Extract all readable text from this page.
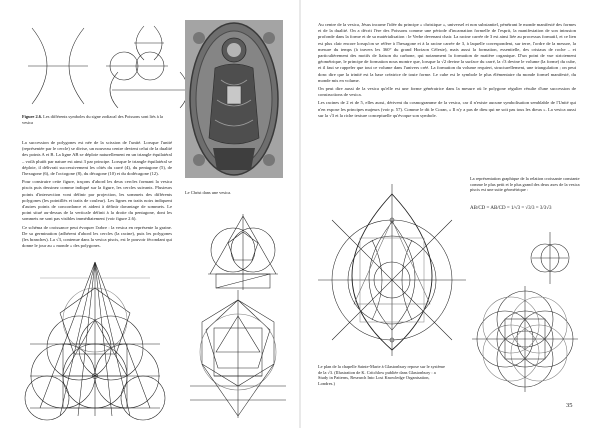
Figure 2.6. Les différents symboles du signe zodiacal des Poissons sont liés à la vesica
Le Christ dans une vesica.

La succession de polygones est née de la scission de l'unité. Lorsque l'unité (représentée par le cercle) se divise, un nouveau centre devient celui de la dualité des points A et B. La ligne AB se déploie naturellement en un triangle équilatéral – voilà plutôt par nature est ainsi 3 par principe. Lorsque le triangle équilatéral se déploie, il délivrait successivement les côtés du carré (4), du pentagone (5), de l'hexagone (6), de l'octogone (8), du décagone (10) et du dodécagone (12).

Pour construire cette figure, traçons d'abord les deux cercles formant la vesica piscis puis dessinez comme indiqué sur la figure, les cercles suivants. Plusieurs points d'intersection vont définir par projection, les sommets des différents polygones (les pointillés et traits de couleur). Les lignes en traits noirs indiquent d'autres points de concordance et aident à définir davantage de sommets. Le point situé au-dessus de la verticale définit à la droite du pentagone, dont les sommets ne sont pas visibles immédiatement (voir figure 2.6).

Ce schéma de croissance peut évoquer l'arbre : la vesica en représente la graine. De sa germination (adhérent d'abord les cercles (la racine), puis les polygones (les branches). La √3, contenue dans la vesica piscis, est le pouvoir fécondant qui donne le jour au « monde » des polygones.

Au centre de la vesica, Jésus incarne l'idée du principe « christique », universel et non substantiel, pénétrant le monde manifesté des formes et de la dualité. On a décrit l'ère des Poissons comme une période d'incarnation formelle de l'esprit, la manifestation de son intrusion profonde dans la forme et de sa matérialisation : le Verbe devenant chair. La racine carrée de 3 est ainsi liée au processus formatif, et ce lien est plus clair encore lorsqu'on se réfère à l'hexagone et à la racine carrée de 3, à laquelle correspondent, sur terre, l'ordre de la mesure, la mesure du temps (à travers les 360° du grand Horizon Céleste), mais aussi la formation, essentielle, des cristaux de roche – et particulièrement des motifs de liaison du carbone, qui notamment la formation de matière organique. D'un point de vue strictement géométrique, le principe de formation nous montre que, lorsque la √2 devine la surface du carré, la √3 devine le volume (la forme) du cube, et il faut se rappeler que tout ce volume dans l'univers créé. La formation du volume requiert, structurellement, une triangulation ; on peut donc dire que la trinité est la base créatrice de toute forme. Le cube est le symbole le plus élémentaire du monde formel manifesté, du monde mis en volume.

On peut dire aussi de la vesica qu'elle est une forme génératrice dans la mesure où le polygone régulier résulte d'une succession de constructions de vesica.

Les racines de 2 et de 5, elles aussi, dérivent du cosmogramme de la vesica, car il n'existe aucune symbolisation semblable de l'Unité qui n'en expose les principes majeurs (voir p. 57). Comme le dit le Coran, « Il n'y a pas de dieu qui ne soit pas tous les dieux ». La vesica aussi sur la √3 et la riche texture conceptuelle qu'évoque son symbole.

Le plan de la chapelle Sainte-Marie à Glastonbury repose sur le système de la √3. (Illustration de K. Critchlow publiée dans Glastonbury : a Study in Patterns, Research Into Lost Knowledge Organisation, Londres.)
La représentation graphique de la relation croissante constante comme le plus petit et le plus grand des deux axes de la vesica piscis est une suite géométrique :
AB/CD = AB/CD = 1/√3 = √3/3 = 3/3√3
35
